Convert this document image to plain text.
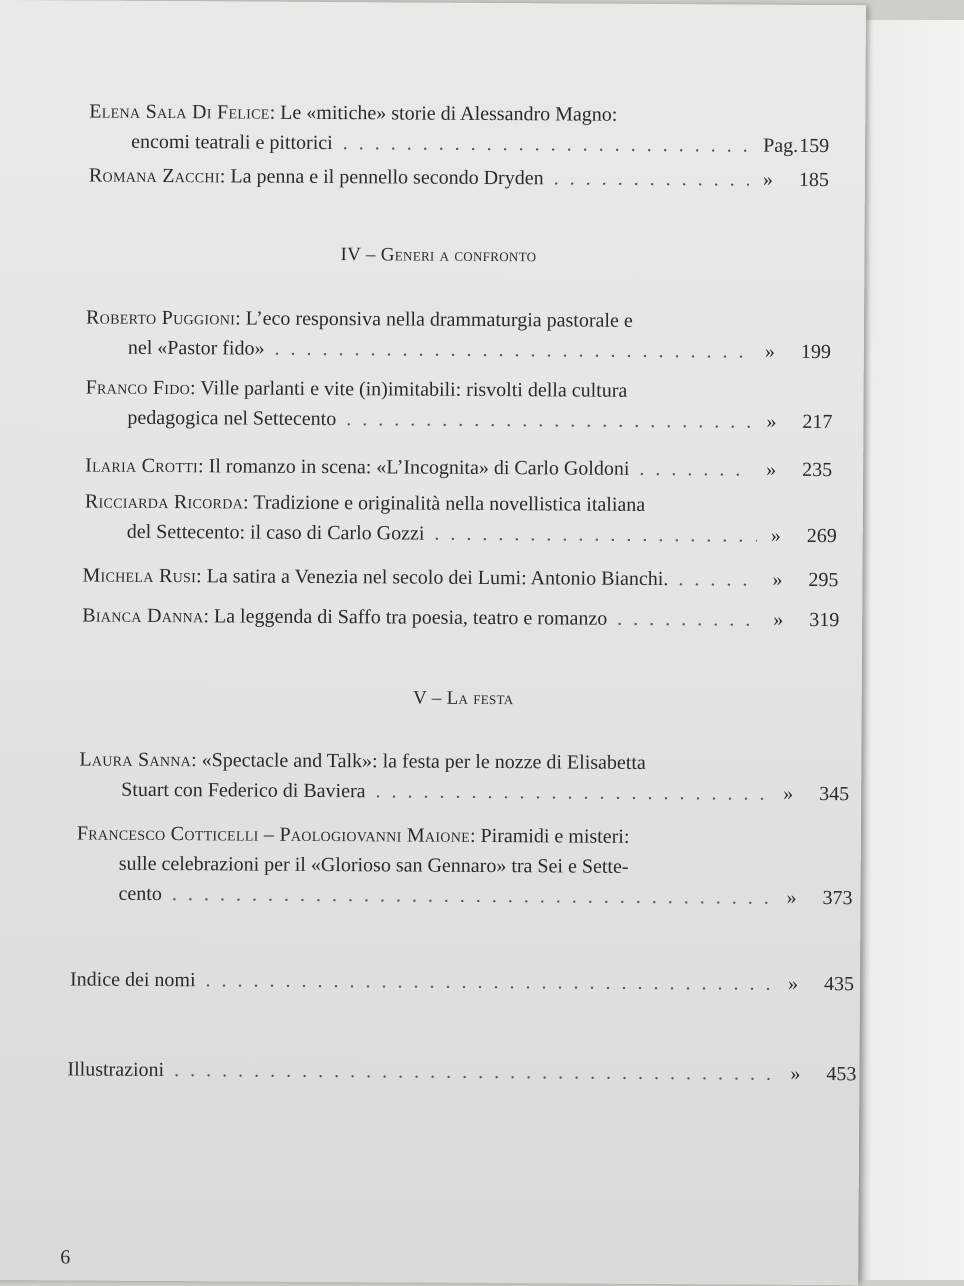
Elena Sala Di Felice : Le «mitiche» storie di Alessandro Magno:
encomi teatrali e pittorici . . .	Pag.159
Romana Zacchi : La penna e il pennello secondo Dryden . . .	» 185
IV – Generi a confronto
Roberto Puggioni : L’eco responsiva nella drammaturgia pastorale e
nel «Pastor fido» . . .	» 199
Franco Fido : Ville parlanti e vite (in)imitabili: risvolti della cultura
pedagogica nel Settecento . . .	» 217
Ilaria Crotti : Il romanzo in scena: «L’Incognita» di Carlo Goldoni . . .	» 235
Ricciarda Ricorda : Tradizione e originalità nella novellistica italiana
del Settecento: il caso di Carlo Gozzi . . .	» 269
Michela Rusi : La satira a Venezia nel secolo dei Lumi: Antonio Bianchi. . . .	» 295
Bianca Danna : La leggenda di Saffo tra poesia, teatro e romanzo . . .	» 319
V – La festa
Laura Sanna : «Spectacle and Talk»: la festa per le nozze di Elisabetta
Stuart con Federico di Baviera . . .	» 345
Francesco Cotticelli – Paologiovanni Maione : Piramidi e misteri:
sulle celebrazioni per il «Glorioso san Gennaro» tra Sei e Sette-
cento . . .	» 373
Indice dei nomi . . .	» 435
Illustrazioni . . .	» 453
6
